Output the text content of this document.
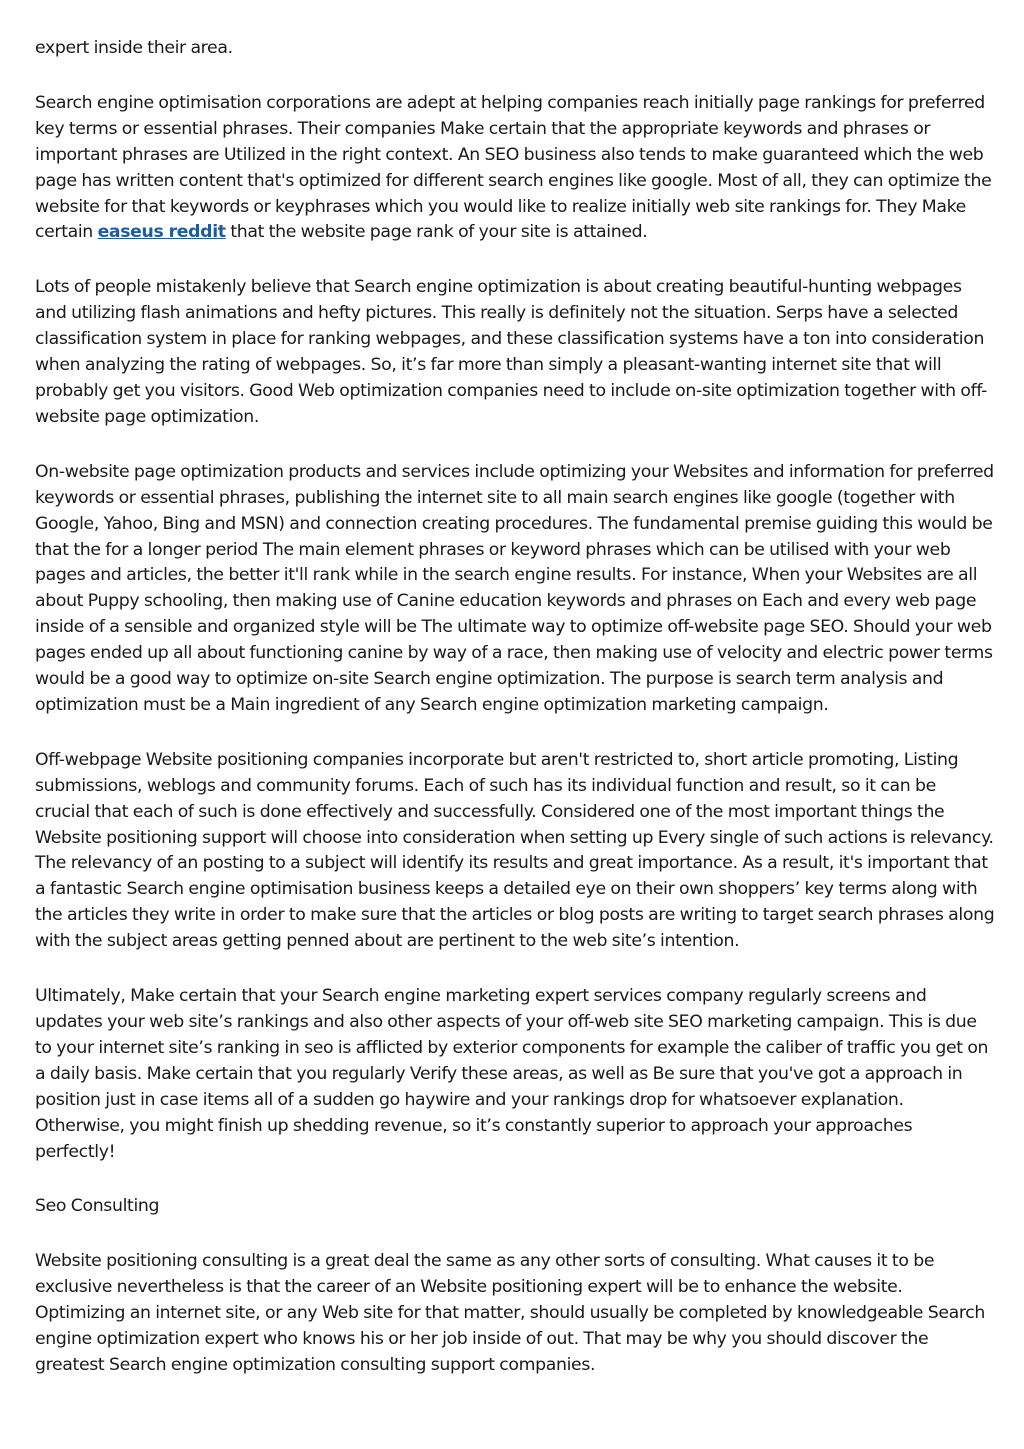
expert inside their area.

Search engine optimisation corporations are adept at helping companies reach initially page rankings for preferred key terms or essential phrases. Their companies Make certain that the appropriate keywords and phrases or important phrases are Utilized in the right context. An SEO business also tends to make guaranteed which the web page has written content that's optimized for different search engines like google. Most of all, they can optimize the website for that keywords or keyphrases which you would like to realize initially web site rankings for. They Make certain easeus reddit that the website page rank of your site is attained.

Lots of people mistakenly believe that Search engine optimization is about creating beautiful-hunting webpages and utilizing flash animations and hefty pictures. This really is definitely not the situation. Serps have a selected classification system in place for ranking webpages, and these classification systems have a ton into consideration when analyzing the rating of webpages. So, it’s far more than simply a pleasant-wanting internet site that will probably get you visitors. Good Web optimization companies need to include on-site optimization together with off-website page optimization.

On-website page optimization products and services include optimizing your Websites and information for preferred keywords or essential phrases, publishing the internet site to all main search engines like google (together with Google, Yahoo, Bing and MSN) and connection creating procedures. The fundamental premise guiding this would be that the for a longer period The main element phrases or keyword phrases which can be utilised with your web pages and articles, the better it'll rank while in the search engine results. For instance, When your Websites are all about Puppy schooling, then making use of Canine education keywords and phrases on Each and every web page inside of a sensible and organized style will be The ultimate way to optimize off-website page SEO. Should your web pages ended up all about functioning canine by way of a race, then making use of velocity and electric power terms would be a good way to optimize on-site Search engine optimization. The purpose is search term analysis and optimization must be a Main ingredient of any Search engine optimization marketing campaign.

Off-webpage Website positioning companies incorporate but aren't restricted to, short article promoting, Listing submissions, weblogs and community forums. Each of such has its individual function and result, so it can be crucial that each of such is done effectively and successfully. Considered one of the most important things the Website positioning support will choose into consideration when setting up Every single of such actions is relevancy. The relevancy of an posting to a subject will identify its results and great importance. As a result, it's important that a fantastic Search engine optimisation business keeps a detailed eye on their own shoppers’ key terms along with the articles they write in order to make sure that the articles or blog posts are writing to target search phrases along with the subject areas getting penned about are pertinent to the web site’s intention.

Ultimately, Make certain that your Search engine marketing expert services company regularly screens and updates your web site’s rankings and also other aspects of your off-web site SEO marketing campaign. This is due to your internet site’s ranking in seo is afflicted by exterior components for example the caliber of traffic you get on a daily basis. Make certain that you regularly Verify these areas, as well as Be sure that you've got a approach in position just in case items all of a sudden go haywire and your rankings drop for whatsoever explanation. Otherwise, you might finish up shedding revenue, so it’s constantly superior to approach your approaches perfectly!

Seo Consulting

Website positioning consulting is a great deal the same as any other sorts of consulting. What causes it to be exclusive nevertheless is that the career of an Website positioning expert will be to enhance the website. Optimizing an internet site, or any Web site for that matter, should usually be completed by knowledgeable Search engine optimization expert who knows his or her job inside of out. That may be why you should discover the greatest Search engine optimization consulting support companies.
